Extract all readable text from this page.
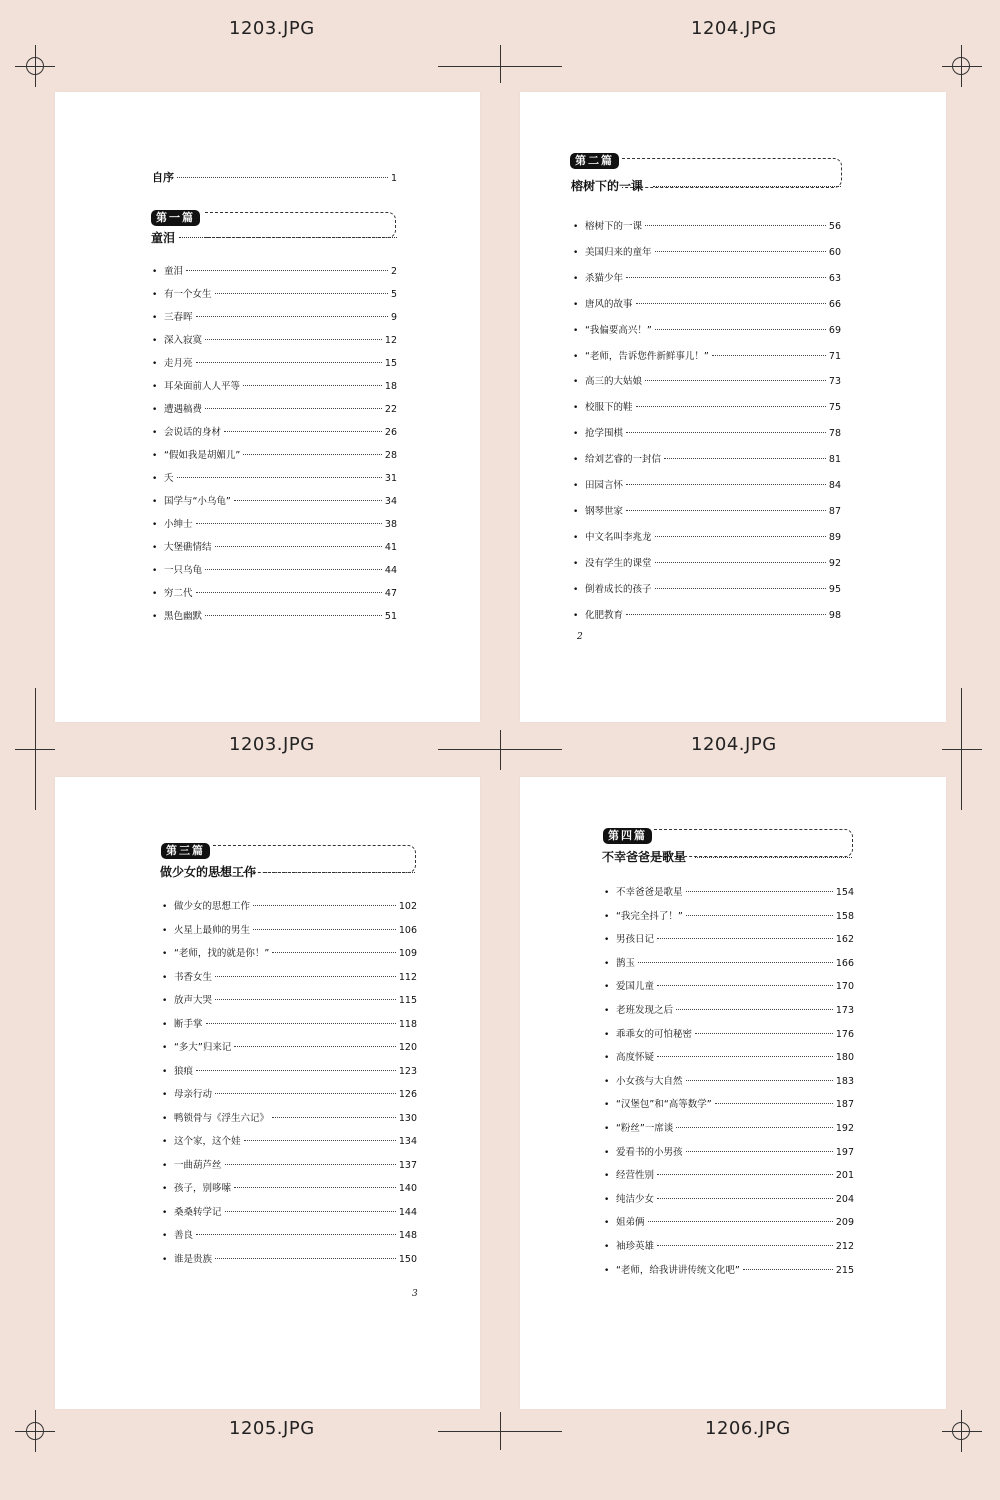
1203.JPG	1204.JPG
1203.JPG	1204.JPG
1205.JPG	1206.JPG
自序	1
第一篇
童泪
• 童泪	2
• 有一个女生	5
• 三春晖	9
• 深入寂寞	12
• 走月亮	15
• 耳朵面前人人平等	18
• 遭遇稿费	22
• 会说话的身材	26
• “假如我是胡媚儿”	28
• 夭	31
• 国学与“小乌龟”	34
• 小绅士	38
• 大堡礁情结	41
• 一只乌龟	44
• 穷二代	47
• 黑色幽默	51
第二篇
榕树下的一课
• 榕树下的一课	56
• 美国归来的童年	60
• 杀猫少年	63
• 唐风的故事	66
• “我偏要高兴！”	69
• “老师，告诉您件新鲜事儿！”	71
• 高三的大姑娘	73
• 校服下的鞋	75
• 抢学围棋	78
• 给刘艺睿的一封信	81
• 田园言怀	84
• 钢琴世家	87
• 中文名叫李兆龙	89
• 没有学生的课堂	92
• 倒着成长的孩子	95
• 化肥教育	98
2
第三篇
做少女的思想工作
• 做少女的思想工作	102
• 火星上最帅的男生	106
• “老师，找的就是你！”	109
• 书香女生	112
• 放声大哭	115
• 断手掌	118
• “多大”归来记	120
• 狼痕	123
• 母亲行动	126
• 鸭锁骨与《浮生六记》	130
• 这个家，这个娃	134
• 一曲葫芦丝	137
• 孩子，别哆嗦	140
• 桑桑转学记	144
• 善良	148
• 谁是贵族	150
3
第四篇
不幸爸爸是歌星
• 不幸爸爸是歌星	154
• “我完全抖了！”	158
• 男孩日记	162
• 鹊玉	166
• 爱国儿童	170
• 老班发现之后	173
• 乖乖女的可怕秘密	176
• 高度怀疑	180
• 小女孩与大自然	183
• “汉堡包”和“高等数学”	187
• “粉丝”一席谈	192
• 爱看书的小男孩	197
• 经营性别	201
• 纯洁少女	204
• 姐弟俩	209
• 袖珍英雄	212
• “老师，给我讲讲传统文化吧”	215
